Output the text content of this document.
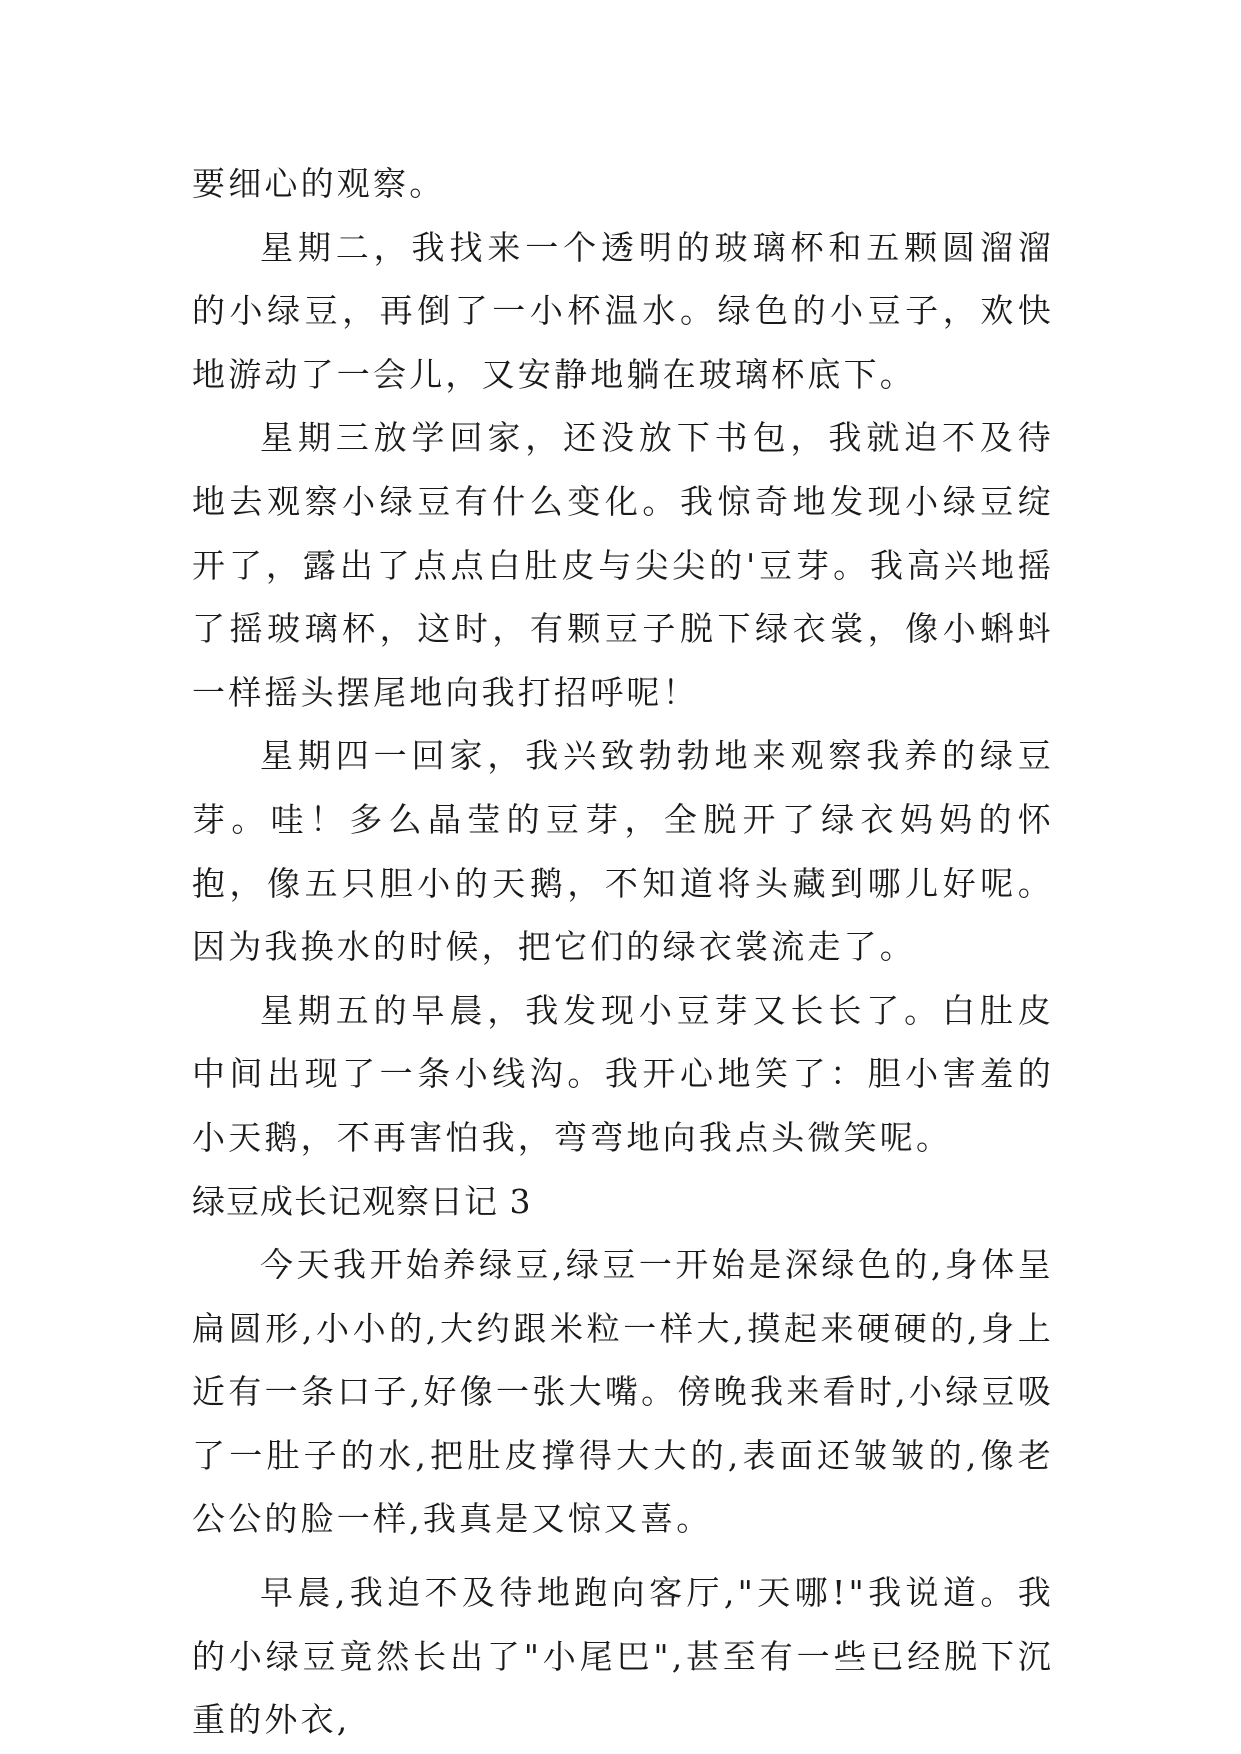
要细心的观察。

星期二，我找来一个透明的玻璃杯和五颗圆溜溜的小绿豆，再倒了一小杯温水。绿色的小豆子，欢快地游动了一会儿，又安静地躺在玻璃杯底下。

星期三放学回家，还没放下书包，我就迫不及待地去观察小绿豆有什么变化。我惊奇地发现小绿豆绽开了，露出了点点白肚皮与尖尖的'豆芽。我高兴地摇了摇玻璃杯，这时，有颗豆子脱下绿衣裳，像小蝌蚪一样摇头摆尾地向我打招呼呢！

星期四一回家，我兴致勃勃地来观察我养的绿豆芽。哇！多么晶莹的豆芽，全脱开了绿衣妈妈的怀抱，像五只胆小的天鹅，不知道将头藏到哪儿好呢。因为我换水的时候，把它们的绿衣裳流走了。

星期五的早晨，我发现小豆芽又长长了。白肚皮中间出现了一条小线沟。我开心地笑了：胆小害羞的小天鹅，不再害怕我，弯弯地向我点头微笑呢。

绿豆成长记观察日记 3

今天我开始养绿豆,绿豆一开始是深绿色的,身体呈扁圆形,小小的,大约跟米粒一样大,摸起来硬硬的,身上近有一条口子,好像一张大嘴。傍晚我来看时,小绿豆吸了一肚子的水,把肚皮撑得大大的,表面还皱皱的,像老公公的脸一样,我真是又惊又喜。

早晨,我迫不及待地跑向客厅,"天哪!"我说道。我的小绿豆竟然长出了"小尾巴",甚至有一些已经脱下沉重的外衣,
